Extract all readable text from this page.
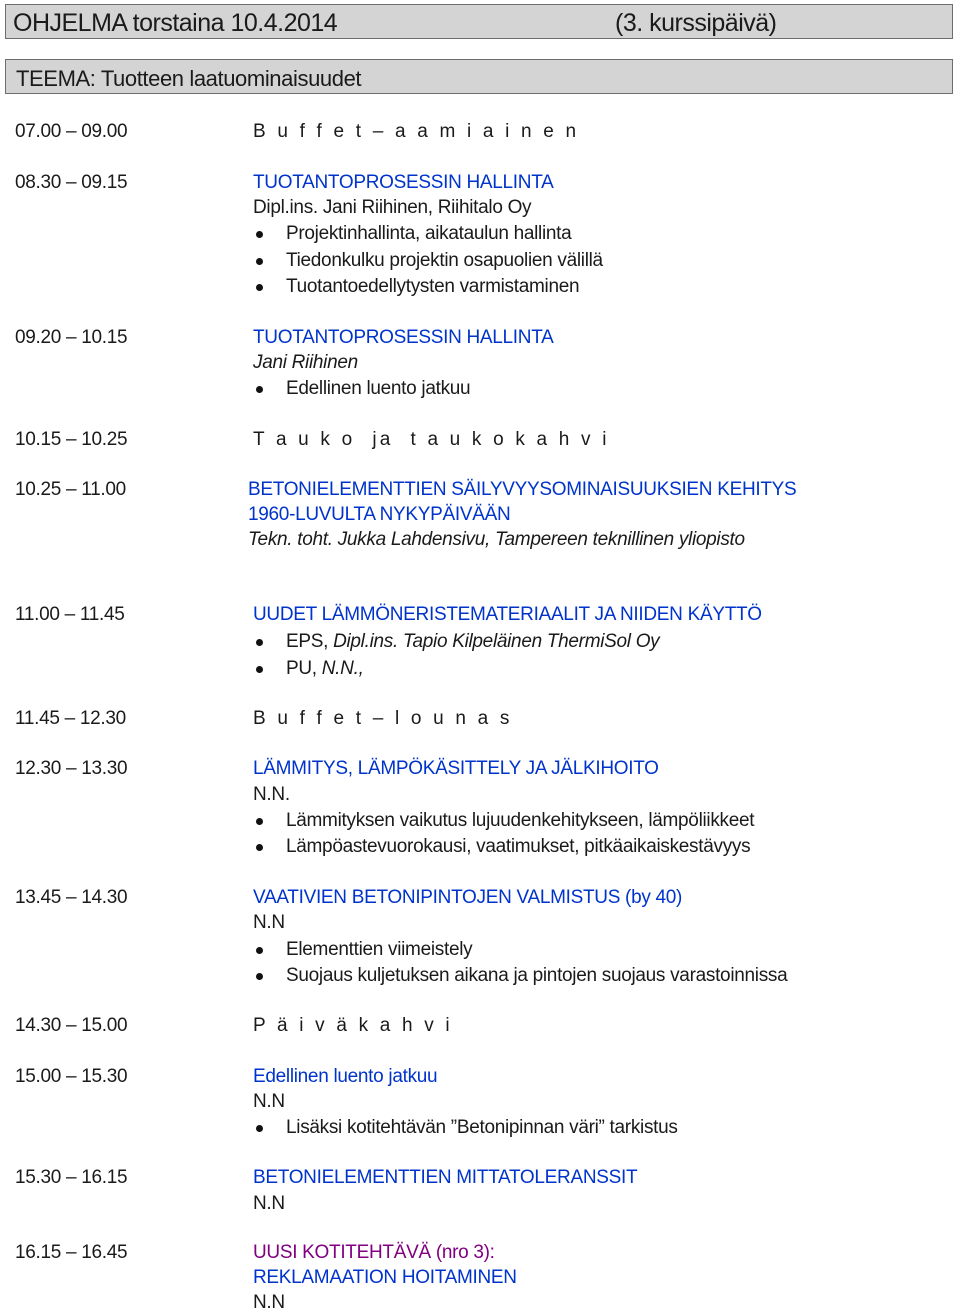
OHJELMA torstaina 10.4.2014	(3. kurssipäivä)
TEEMA: Tuotteen laatuominaisuudet
07.00 – 09.00	B u f f e t – a a m i a i n e n
08.30 – 09.15	TUOTANTOPROSESSIN HALLINTA
Dipl.ins. Jani Riihinen, Riihitalo Oy
Projektinhallinta, aikataulun hallinta
Tiedonkulku projektin osapuolien välillä
Tuotantoedellytysten varmistaminen
09.20 – 10.15	TUOTANTOPROSESSIN HALLINTA
Jani Riihinen
Edellinen luento jatkuu
10.15 – 10.25	T a u k o  ja  t a u k o k a h v i
10.25 – 11.00	BETONIELEMENTTIEN SÄILYVYYSOMINAISUUKSIEN KEHITYS
1960-LUVULTA NYKYPÄIVÄÄN
Tekn. toht. Jukka Lahdensivu, Tampereen teknillinen yliopisto
11.00 – 11.45	UUDET LÄMMÖNERISTEMATERIAALIT JA NIIDEN KÄYTTÖ
EPS, Dipl.ins. Tapio Kilpeläinen ThermiSol Oy
PU, N.N.,
11.45 – 12.30	B u f f e t – l o u n a s
12.30 – 13.30	LÄMMITYS, LÄMPÖKÄSITTELY JA JÄLKIHOITO
N.N.
Lämmityksen vaikutus lujuudenkehitykseen, lämpöliikkeet
Lämpöastevuorokausi, vaatimukset, pitkäaikaiskestävyys
13.45 – 14.30	VAATIVIEN BETONIPINTOJEN VALMISTUS (by 40)
N.N
Elementtien viimeistely
Suojaus kuljetuksen aikana ja pintojen suojaus varastoinnissa
14.30 – 15.00	P ä i v ä k a h v i
15.00 – 15.30	Edellinen luento jatkuu
N.N
Lisäksi kotitehtävän ”Betonipinnan väri” tarkistus
15.30 – 16.15	BETONIELEMENTTIEN MITTATOLERANSSIT
N.N
16.15 – 16.45	UUSI KOTITEHTÄVÄ (nro 3):
REKLAMAATION HOITAMINEN
N.N
